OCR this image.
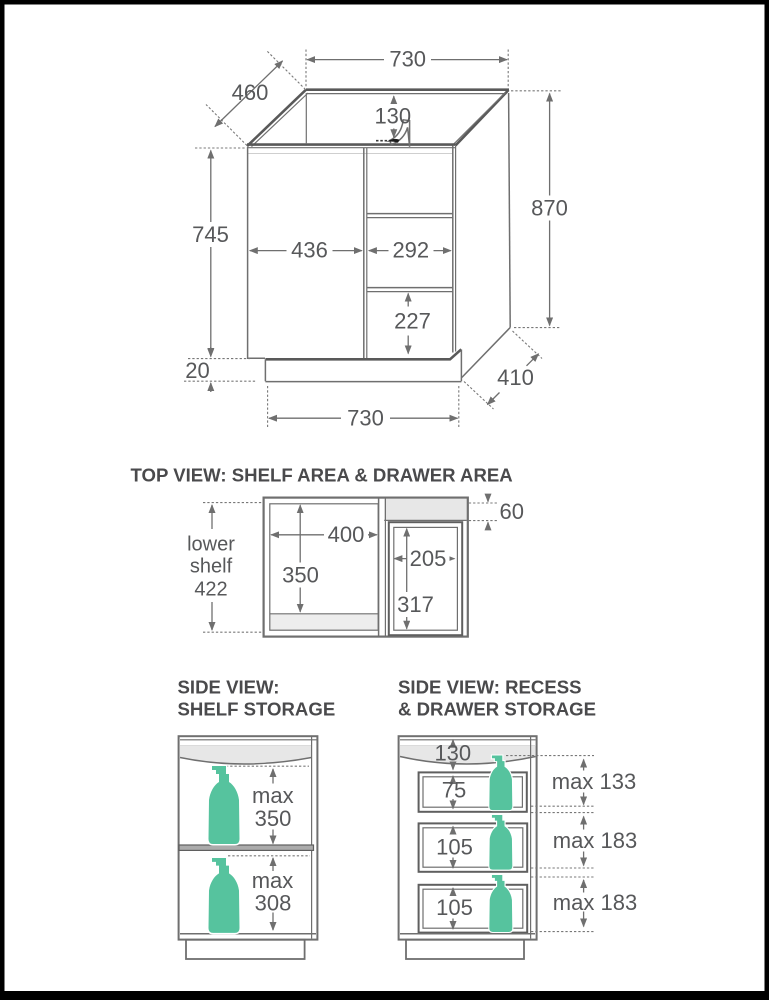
730
460
130
745
20
436	292
227
870
410
730
TOP VIEW: SHELF AREA & DRAWER AREA
400
350
205
317
60
lower
shelf
422
SIDE VIEW:
SHELF STORAGE
max
350
max
308
SIDE VIEW: RECESS
& DRAWER STORAGE
130
75
105
105
max 133
max 183
max 183
